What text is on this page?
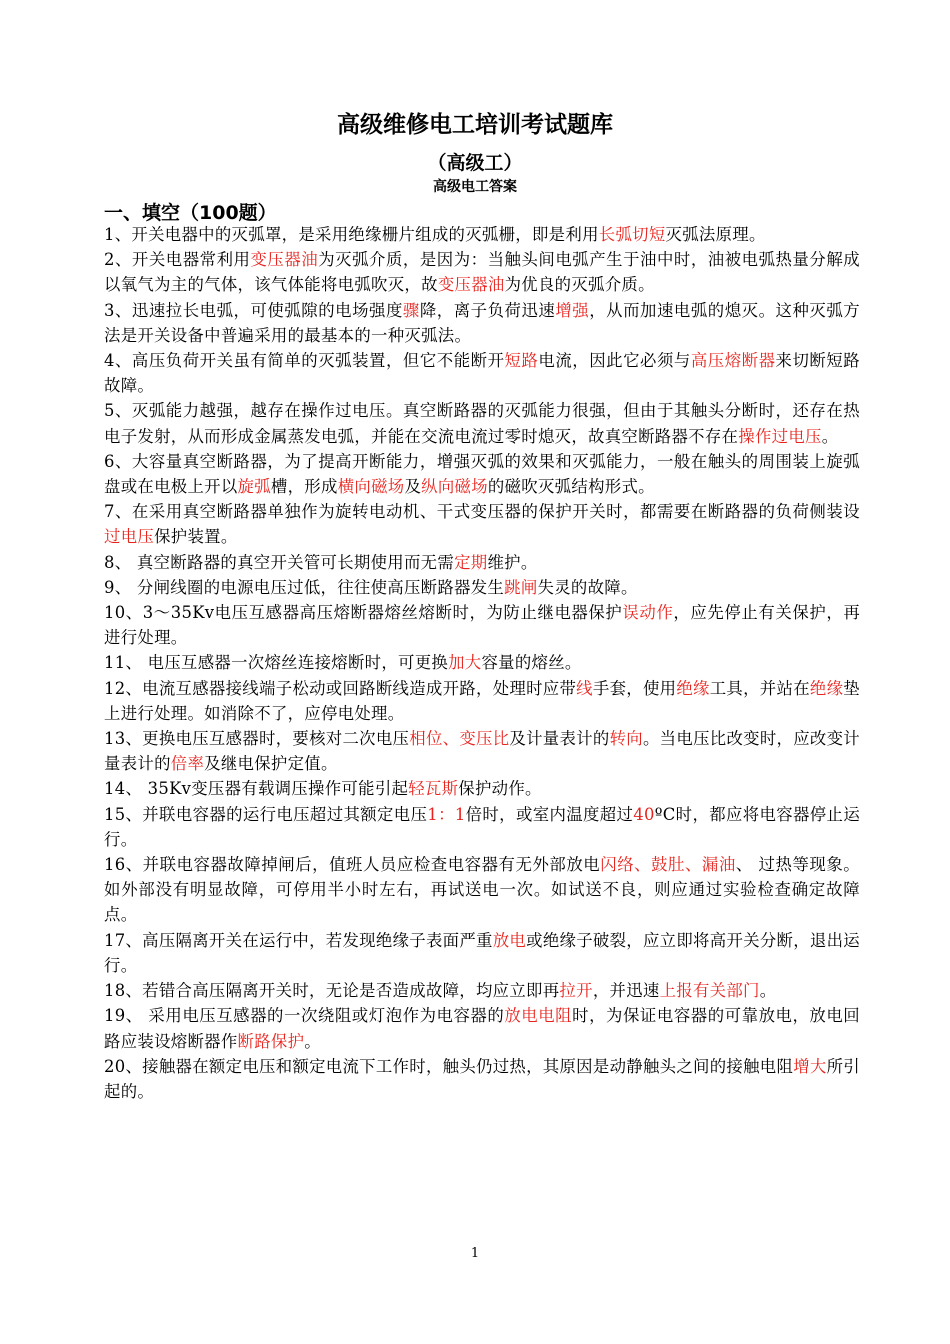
高级维修电工培训考试题库
（高级工）
高级电工答案
一、填空（100题）

1、开关电器中的灭弧罩，是采用绝缘栅片组成的灭弧栅，即是利用长弧切短灭弧法原理。

2、开关电器常利用变压器油为灭弧介质，是因为：当触头间电弧产生于油中时，油被电弧热量分解成以氧气为主的气体，该气体能将电弧吹灭，故变压器油为优良的灭弧介质。

3、迅速拉长电弧，可使弧隙的电场强度骤降，离子负荷迅速增强，从而加速电弧的熄灭。这种灭弧方法是开关设备中普遍采用的最基本的一种灭弧法。

4、高压负荷开关虽有简单的灭弧装置，但它不能断开短路电流，因此它必须与高压熔断器来切断短路故障。

5、灭弧能力越强，越存在操作过电压。真空断路器的灭弧能力很强，但由于其触头分断时，还存在热电子发射，从而形成金属蒸发电弧，并能在交流电流过零时熄灭，故真空断路器不存在操作过电压。

6、大容量真空断路器，为了提高开断能力，增强灭弧的效果和灭弧能力，一般在触头的周围装上旋弧盘或在电极上开以旋弧槽，形成横向磁场及纵向磁场的磁吹灭弧结构形式。

7、在采用真空断路器单独作为旋转电动机、干式变压器的保护开关时，都需要在断路器的负荷侧装设过电压保护装置。

8、 真空断路器的真空开关管可长期使用而无需定期维护。

9、 分闸线圈的电源电压过低，往往使高压断路器发生跳闸失灵的故障。

10、3～35Kv电压互感器高压熔断器熔丝熔断时，为防止继电器保护误动作，应先停止有关保护，再进行处理。

11、 电压互感器一次熔丝连接熔断时，可更换加大容量的熔丝。

12、电流互感器接线端子松动或回路断线造成开路，处理时应带线手套，使用绝缘工具，并站在绝缘垫上进行处理。如消除不了，应停电处理。

13、更换电压互感器时，要核对二次电压相位、变压比及计量表计的转向。当电压比改变时，应改变计量表计的倍率及继电保护定值。

14、 35Kv变压器有载调压操作可能引起轻瓦斯保护动作。

15、并联电容器的运行电压超过其额定电压1：1倍时，或室内温度超过40ºC时，都应将电容器停止运行。

16、并联电容器故障掉闸后，值班人员应检查电容器有无外部放电闪络、鼓肚、漏油、 过热等现象。如外部没有明显故障，可停用半小时左右，再试送电一次。如试送不良，则应通过实验检查确定故障点。

17、高压隔离开关在运行中，若发现绝缘子表面严重放电或绝缘子破裂，应立即将高开关分断，退出运行。

18、若错合高压隔离开关时，无论是否造成故障，均应立即再拉开，并迅速上报有关部门。

19、 采用电压互感器的一次绕阻或灯泡作为电容器的放电电阻时，为保证电容器的可靠放电，放电回路应装设熔断器作断路保护。

20、接触器在额定电压和额定电流下工作时，触头仍过热，其原因是动静触头之间的接触电阻增大所引起的。

1
